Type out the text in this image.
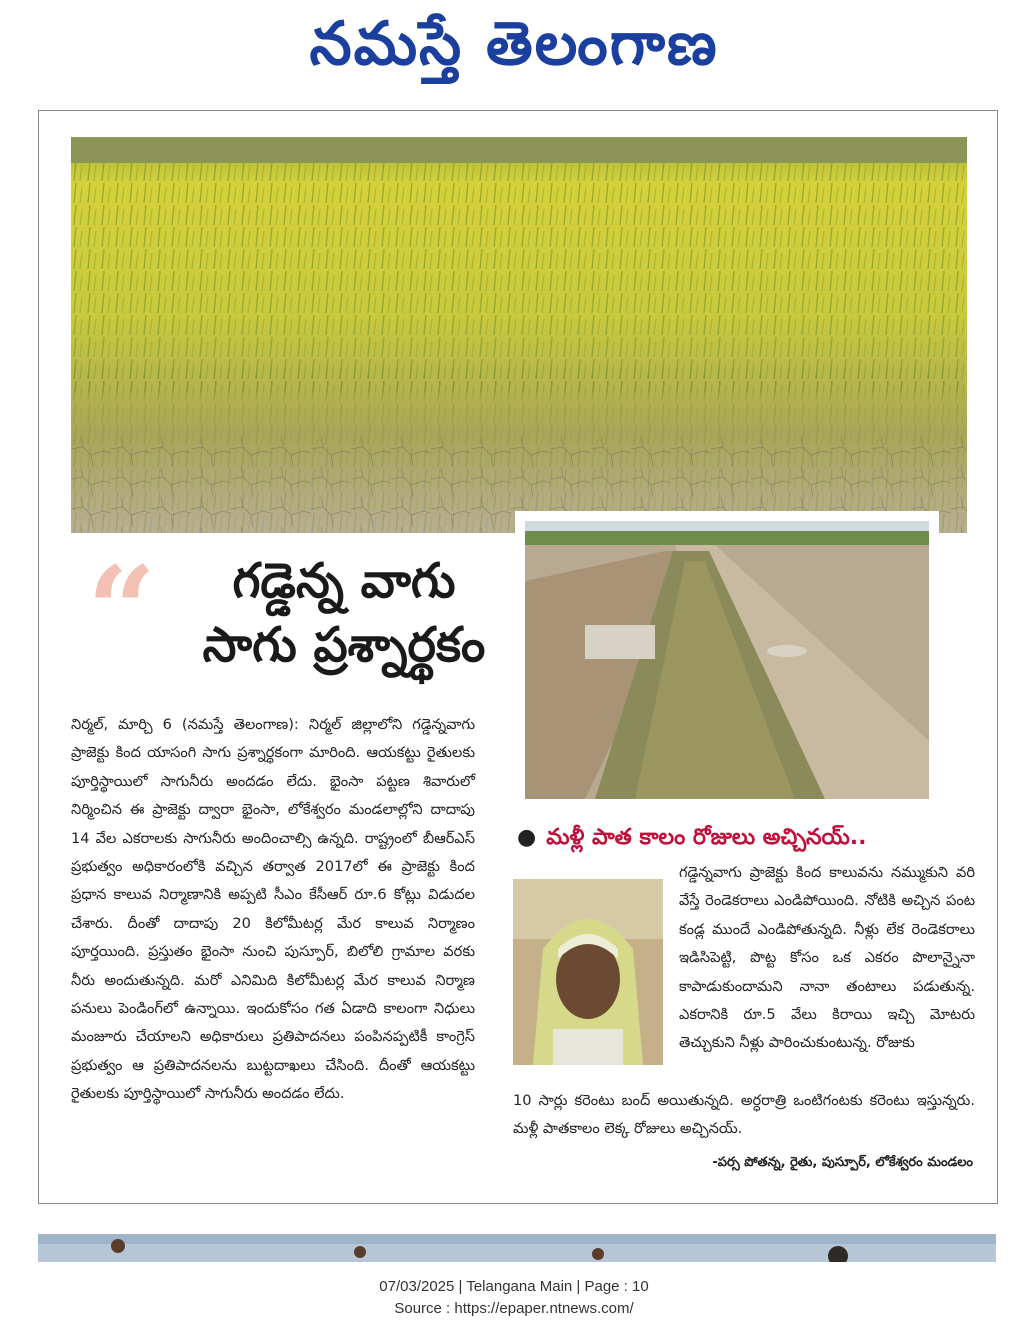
నమస్తే తెలంగాణ
“	గడ్డెన్న వాగు
సాగు ప్రశ్నార్థకం
నిర్మల్, మార్చి 6 (నమస్తే తెలంగాణ): నిర్మల్ జిల్లాలోని గడ్డెన్నవాగు ప్రాజెక్టు కింద యాసంగి సాగు ప్రశ్నార్థకంగా మారింది. ఆయకట్టు రైతులకు పూర్తిస్థాయిలో సాగునీరు అందడం లేదు. భైంసా పట్టణ శివారులో నిర్మించిన ఈ ప్రాజెక్టు ద్వారా భైంసా, లోకేశ్వరం మండలాల్లోని దాదాపు 14 వేల ఎకరాలకు సాగునీరు అందించాల్సి ఉన్నది. రాష్ట్రంలో బీఆర్ఎస్ ప్రభుత్వం అధికారంలోకి వచ్చిన తర్వాత 2017లో ఈ ప్రాజెక్టు కింద ప్రధాన కాలువ నిర్మాణానికి అప్పటి సీఎం కేసీఆర్ రూ.6 కోట్లు విడుదల చేశారు. దీంతో దాదాపు 20 కిలోమీటర్ల మేర కాలువ నిర్మాణం పూర్తయింది. ప్రస్తుతం భైంసా నుంచి పుస్పూర్, బిలోలి గ్రామాల వరకు నీరు అందుతున్నది. మరో ఎనిమిది కిలోమీటర్ల మేర కాలువ నిర్మాణ పనులు పెండింగ్‌లో ఉన్నాయి. ఇందుకోసం గత ఏడాది కాలంగా నిధులు మంజూరు చేయాలని అధికారులు ప్రతిపాదనలు పంపినప్పటికీ కాంగ్రెస్ ప్రభుత్వం ఆ ప్రతిపాదనలను బుట్టదాఖలు చేసింది. దీంతో ఆయకట్టు రైతులకు పూర్తిస్థాయిలో సాగునీరు అందడం లేదు.
● మళ్లీ పాత కాలం రోజులు అచ్చినయ్..
గడ్డెన్నవాగు ప్రాజెక్టు కింద కాలువను నమ్ముకుని వరి వేస్తే రెండెకరాలు ఎండిపోయింది. నోటికి అచ్చిన పంట కండ్ల ముందే ఎండిపోతున్నది. నీళ్లు లేక రెండెకరాలు ఇడిసిపెట్టి, పొట్ట కోసం ఒక ఎకరం పొలాన్నైనా కాపాడుకుందామని నానా తంటాలు పడుతున్న. ఎకరానికి రూ.5 వేలు కిరాయి ఇచ్చి మోటరు తెచ్చుకుని నీళ్లు పారించుకుంటున్న. రోజుకు
10 సార్లు కరెంటు బంద్ అయితున్నది. అర్ధరాత్రి ఒంటిగంటకు కరెంటు ఇస్తున్నరు. మళ్లీ పాతకాలం లెక్క రోజులు అచ్చినయ్.
-పర్స పోతన్న, రైతు, పుస్పూర్, లోకేశ్వరం మండలం
07/03/2025 | Telangana Main | Page : 10
Source : https://epaper.ntnews.com/
